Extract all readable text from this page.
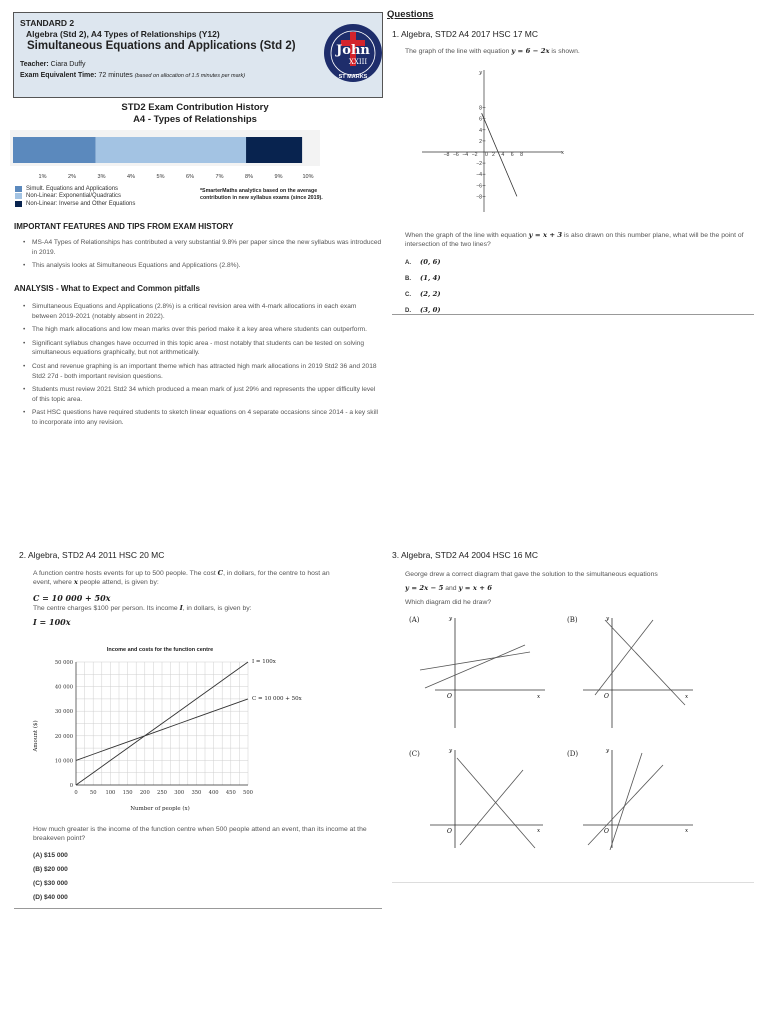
STANDARD 2
Algebra (Std 2), A4 Types of Relationships (Y12)
Simultaneous Equations and Applications (Std 2)
Teacher: Ciara Duffy
Exam Equivalent Time: 72 minutes (based on allocation of 1.5 minutes per mark)
John
XXIII
ST MARKS
STD2 Exam Contribution History
A4 - Types of Relationships
1%	2%	3%	4%	5%	6%	7%	8%	9%	10%
Simult. Equations and Applications
Non-Linear: Exponential/Quadratics
Non-Linear: Inverse and Other Equations
*SmarterMaths analytics based on the average contribution in new syllabus exams (since 2019).
IMPORTANT FEATURES AND TIPS FROM EXAM HISTORY
• MS-A4 Types of Relationships has contributed a very substantial 9.8% per paper since the new syllabus was introduced in 2019.
• This analysis looks at Simultaneous Equations and Applications (2.8%).
ANALYSIS - What to Expect and Common pitfalls
• Simultaneous Equations and Applications (2.8%) is a critical revision area with 4-mark allocations in each exam between 2019-2021 (notably absent in 2022).
• The high mark allocations and low mean marks over this period make it a key area where students can outperform.
• Significant syllabus changes have occurred in this topic area - most notably that students can be tested on solving simultaneous equations graphically, but not arithmetically.
• Cost and revenue graphing is an important theme which has attracted high mark allocations in 2019 Std2 36 and 2018 Std2 27d - both important revision questions.
• Students must review 2021 Std2 34 which produced a mean mark of just 29% and represents the upper difficulty level of this topic area.
• Past HSC questions have required students to sketch linear equations on 4 separate occasions since 2014 - a key skill to incorporate into any revision.
Questions
1. Algebra, STD2 A4 2017 HSC 17 MC
The graph of the line with equation y = 6 − 2x is shown.
−8 −6 −4 −2	2 4 6 8
8
6
4
2
−2
−4
−6
−8
0	x
y
When the graph of the line with equation y = x + 3 is also drawn on this number plane, what will be the point of intersection of the two lines?
A. (0, 6)
B. (1, 4)
C. (2, 2)
D. (3, 0)
2. Algebra, STD2 A4 2011 HSC 20 MC
A function centre hosts events for up to 500 people. The cost C, in dollars, for the centre to host an event, where x people attend, is given by:
C = 10 000 + 50x
The centre charges $100 per person. Its income I, in dollars, is given by:
I = 100x
Income and costs for the function centre
0 50 100 150 200 250 300 350 400 450 500
0
10 000
20 000
30 000
40 000
50 000	I = 100x
C = 10 000 + 50x
Amount ($)
Number of people (x)
How much greater is the income of the function centre when 500 people attend an event, than its income at the breakeven point?
(A) $15 000
(B) $20 000
(C) $30 000
(D) $40 000
3. Algebra, STD2 A4 2004 HSC 16 MC
George drew a correct diagram that gave the solution to the simultaneous equations
y = 2x − 5 and y = x + 6
Which diagram did he draw?
(A)
x
y
O
(B)
x
y
O
(C)
x
y
O
(D)
x
y
O
